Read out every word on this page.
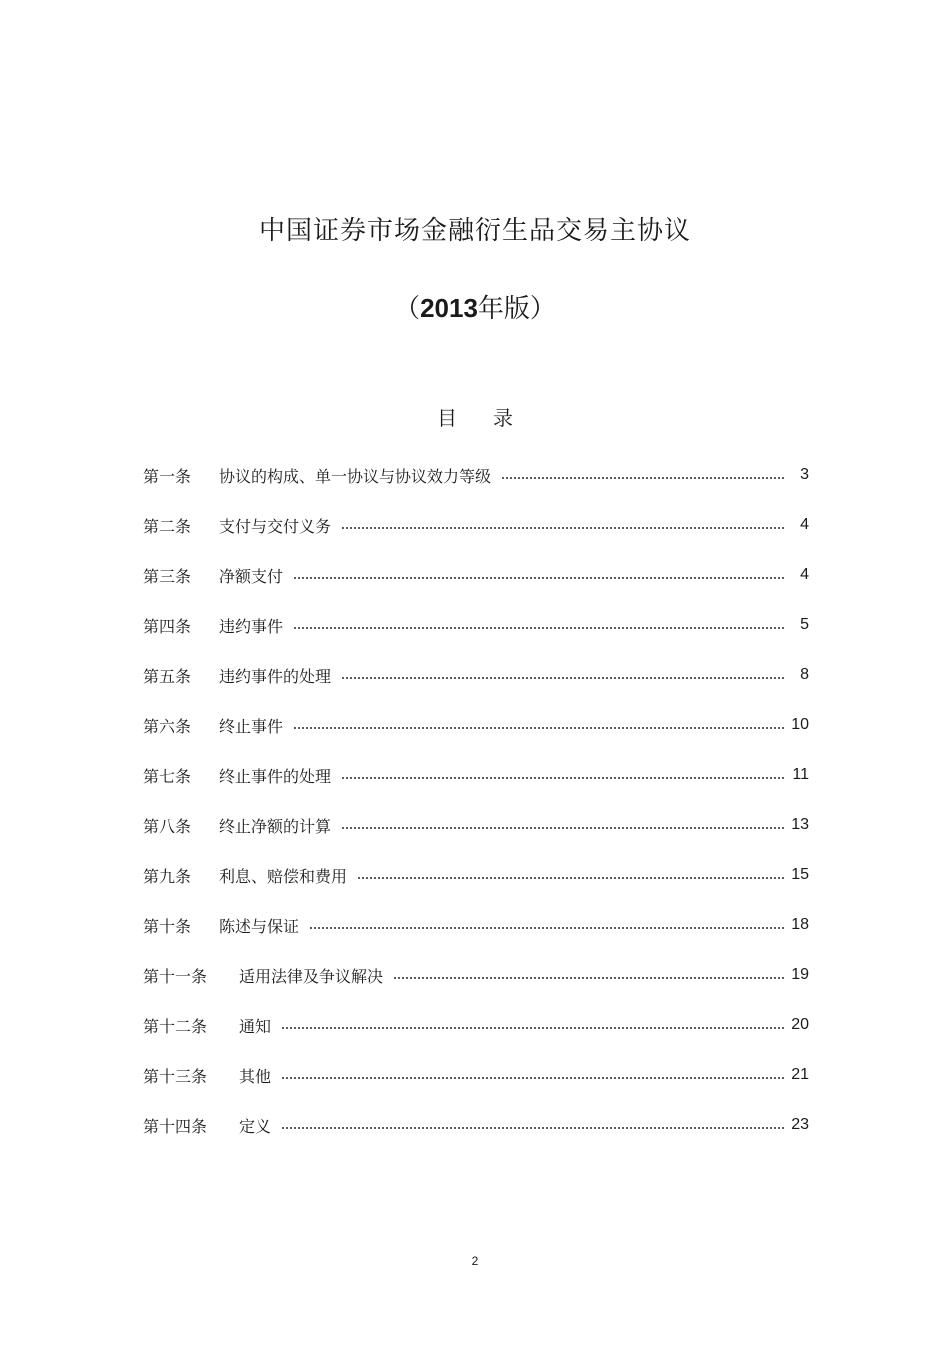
中国证券市场金融衍生品交易主协议
（2013年版）
目 录
第一条	协议的构成、单一协议与协议效力等级	3
第二条	支付与交付义务	4
第三条	净额支付	4
第四条	违约事件	5
第五条	违约事件的处理	8
第六条	终止事件	10
第七条	终止事件的处理	11
第八条	终止净额的计算	13
第九条	利息、赔偿和费用	15
第十条	陈述与保证	18
第十一条	适用法律及争议解决	19
第十二条	通知	20
第十三条	其他	21
第十四条	定义	23
2
